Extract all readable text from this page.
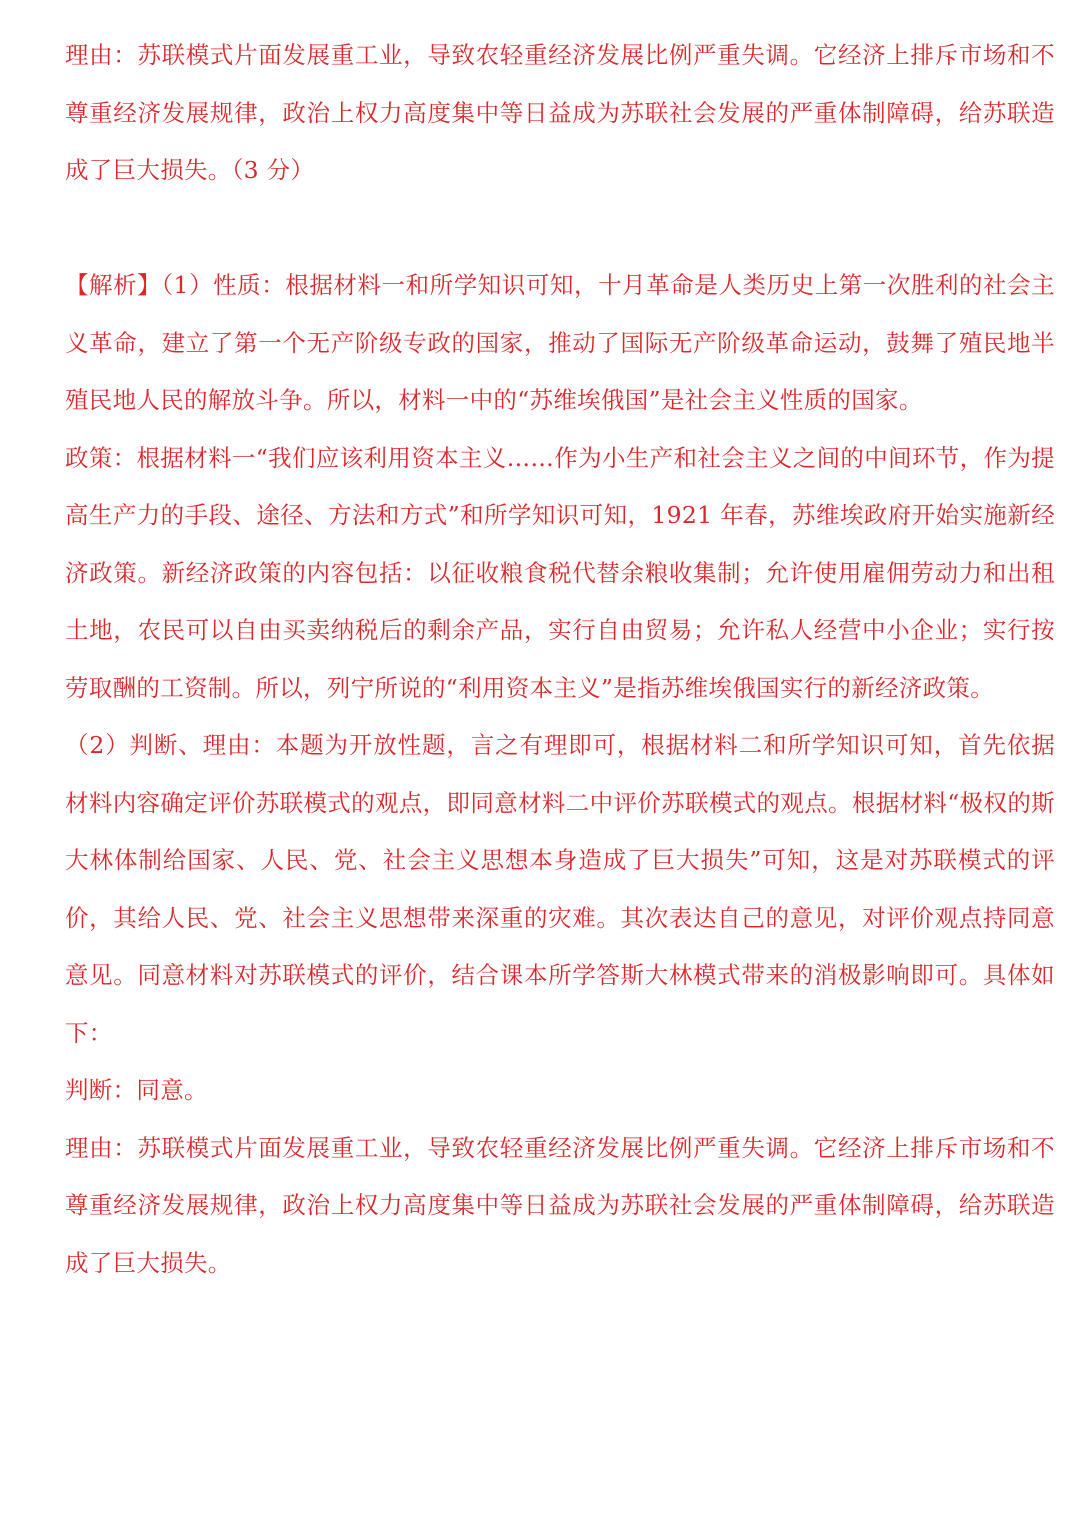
理由：苏联模式片面发展重工业，导致农轻重经济发展比例严重失调。它经济上排斥市场和不尊重经济发展规律，政治上权力高度集中等日益成为苏联社会发展的严重体制障碍，给苏联造成了巨大损失。（3 分）

【解析】（1）性质：根据材料一和所学知识可知，十月革命是人类历史上第一次胜利的社会主义革命，建立了第一个无产阶级专政的国家，推动了国际无产阶级革命运动，鼓舞了殖民地半殖民地人民的解放斗争。所以，材料一中的“苏维埃俄国”是社会主义性质的国家。

政策：根据材料一“我们应该利用资本主义……作为小生产和社会主义之间的中间环节，作为提高生产力的手段、途径、方法和方式”和所学知识可知，1921 年春，苏维埃政府开始实施新经济政策。新经济政策的内容包括：以征收粮食税代替余粮收集制；允许使用雇佣劳动力和出租土地，农民可以自由买卖纳税后的剩余产品，实行自由贸易；允许私人经营中小企业；实行按劳取酬的工资制。所以，列宁所说的“利用资本主义”是指苏维埃俄国实行的新经济政策。

（2）判断、理由：本题为开放性题，言之有理即可，根据材料二和所学知识可知，首先依据材料内容确定评价苏联模式的观点，即同意材料二中评价苏联模式的观点。根据材料“极权的斯大林体制给国家、人民、党、社会主义思想本身造成了巨大损失”可知，这是对苏联模式的评价，其给人民、党、社会主义思想带来深重的灾难。其次表达自己的意见，对评价观点持同意意见。同意材料对苏联模式的评价，结合课本所学答斯大林模式带来的消极影响即可。具体如下：

判断：同意。

理由：苏联模式片面发展重工业，导致农轻重经济发展比例严重失调。它经济上排斥市场和不尊重经济发展规律，政治上权力高度集中等日益成为苏联社会发展的严重体制障碍，给苏联造成了巨大损失。
